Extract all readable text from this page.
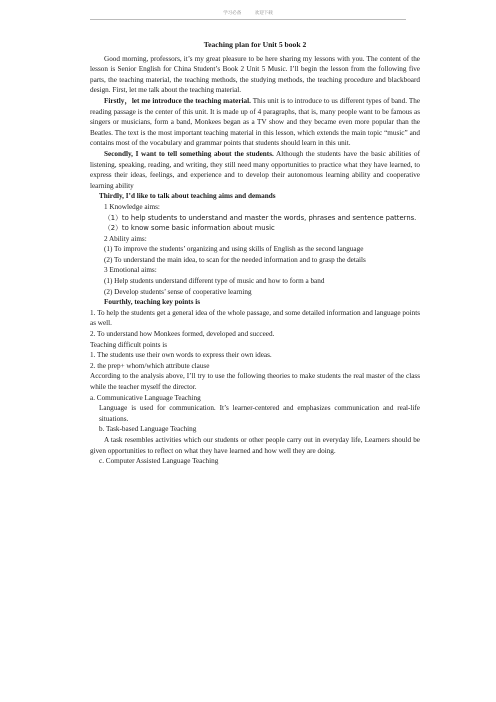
学习必备　　　欢迎下载
Teaching plan for Unit 5 book 2

Good morning, professors, it’s my great pleasure to be here sharing my lessons with you. The content of the lesson is Senior English for China Student’s Book 2 Unit 5 Music. I’ll begin the lesson from the following five parts, the teaching material, the teaching methods, the studying methods, the teaching procedure and blackboard design. First, let me talk about the teaching material.

Firstly，let me introduce the teaching material. This unit is to introduce to us different types of band. The reading passage is the center of this unit. It is made up of 4 paragraphs, that is, many people want to be famous as singers or musicians, form a band, Monkees began as a TV show and they became even more popular than the Beatles. The text is the most important teaching material in this lesson, which extends the main topic “music” and contains most of the vocabulary and grammar points that students should learn in this unit.

Secondly, I want to tell something about the students. Although the students have the basic abilities of listening, speaking, reading, and writing, they still need many opportunities to practice what they have learned, to express their ideas, feelings, and experience and to develop their autonomous learning ability and cooperative learning ability

Thirdly, I’d like to talk about teaching aims and demands

1 Knowledge aims:

（1）to help students to understand and master the words, phrases and sentence patterns.

（2）to know some basic information about music

2 Ability aims:

(1) To improve the students’ organizing and using skills of English as the second language

(2) To understand the main idea, to scan for the needed information and to grasp the details

3 Emotional aims:

(1) Help students understand different type of music and how to form a band

(2) Develop students’ sense of cooperative learning

Fourthly, teaching key points is

1. To help the students get a general idea of the whole passage, and some detailed information and language points as well.

2. To understand how Monkees formed, developed and succeed.

Teaching difficult points is

1. The students use their own words to express their own ideas.

2. the prep+ whom/which attribute clause

According to the analysis above, I’ll try to use the following theories to make students the real master of the class while the teacher myself the director.

a. Communicative Language Teaching

Language is used for communication. It’s learner-centered and emphasizes communication and real-life situations.

b. Task-based Language Teaching

A task resembles activities which our students or other people carry out in everyday life, Learners should be given opportunities to reflect on what they have learned and how well they are doing.

c. Computer Assisted Language Teaching
